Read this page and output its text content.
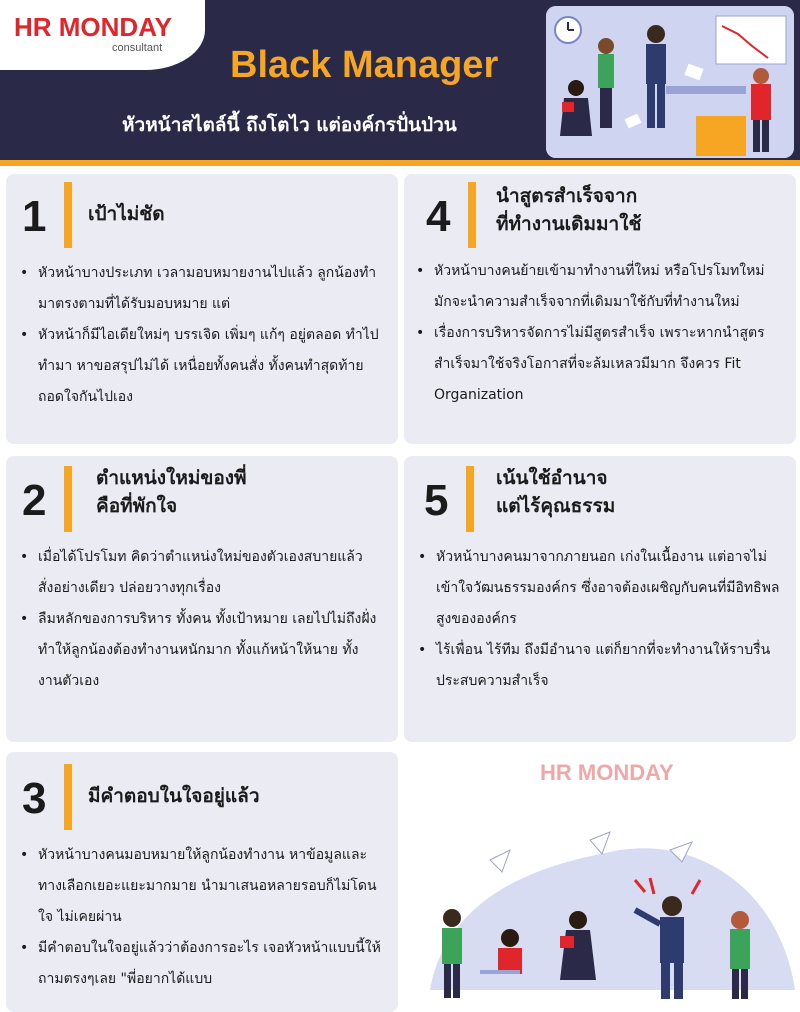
HR MONDAY
consultant Black Manager
หัวหน้าสไตล์นี้ ถึงโตไว แต่องค์กรปั่นป่วน
1 เป้าไม่ชัด
• หัวหน้าบางประเภท เวลามอบหมายงานไปแล้ว ลูกน้องทำมาตรงตามที่ได้รับมอบหมาย แต่
• หัวหน้าก็มีไอเดียใหม่ๆ บรรเจิด เพิ่มๆ แก้ๆ อยู่ตลอด ทำไป ทำมา หาขอสรุปไม่ได้ เหนื่อยทั้งคนสั่ง ทั้งคนทำสุดท้ายถอดใจกันไปเอง
4 นำสูตรสำเร็จจาก
ที่ทำงานเดิมมาใช้
• หัวหน้าบางคนย้ายเข้ามาทำงานที่ใหม่ หรือโปรโมทใหม่ มักจะนำความสำเร็จจากที่เดิมมาใช้กับที่ทำงานใหม่
• เรื่องการบริหารจัดการไม่มีสูตรสำเร็จ เพราะหากนำสูตรสำเร็จมาใช้จริงโอกาสที่จะล้มเหลวมีมาก จึงควร Fit Organization
2	ตำแหน่งใหม่ของพี่
คือที่พักใจ
• เมื่อได้โปรโมท คิดว่าตำแหน่งใหม่ของตัวเองสบายแล้ว สั่งอย่างเดียว ปล่อยวางทุกเรื่อง
• ลืมหลักของการบริหาร ทั้งคน ทั้งเป้าหมาย เลยไปไม่ถึงฝั่ง ทำให้ลูกน้องต้องทำงานหนักมาก ทั้งแก้หน้าให้นาย ทั้งงานตัวเอง
5	เน้นใช้อำนาจ
แต่ไร้คุณธรรม
• หัวหน้าบางคนมาจากภายนอก เก่งในเนื้องาน แต่อาจไม่เข้าใจวัฒนธรรมองค์กร ซึ่งอาจต้องเผชิญกับคนที่มีอิทธิพลสูงขององค์กร
• ไร้เพื่อน ไร้ทีม ถึงมีอำนาจ แต่ก็ยากที่จะทำงานให้ราบรื่น ประสบความสำเร็จ
3 มีคำตอบในใจอยู่แล้ว
• หัวหน้าบางคนมอบหมายให้ลูกน้องทำงาน หาข้อมูลและทางเลือกเยอะแยะมากมาย นำมาเสนอหลายรอบก็ไม่โดนใจ ไม่เคยผ่าน
• มีคำตอบในใจอยู่แล้วว่าต้องการอะไร เจอหัวหน้าแบบนี้ให้ถามตรงๆเลย "พี่อยากได้แบบ
HR MONDAY
